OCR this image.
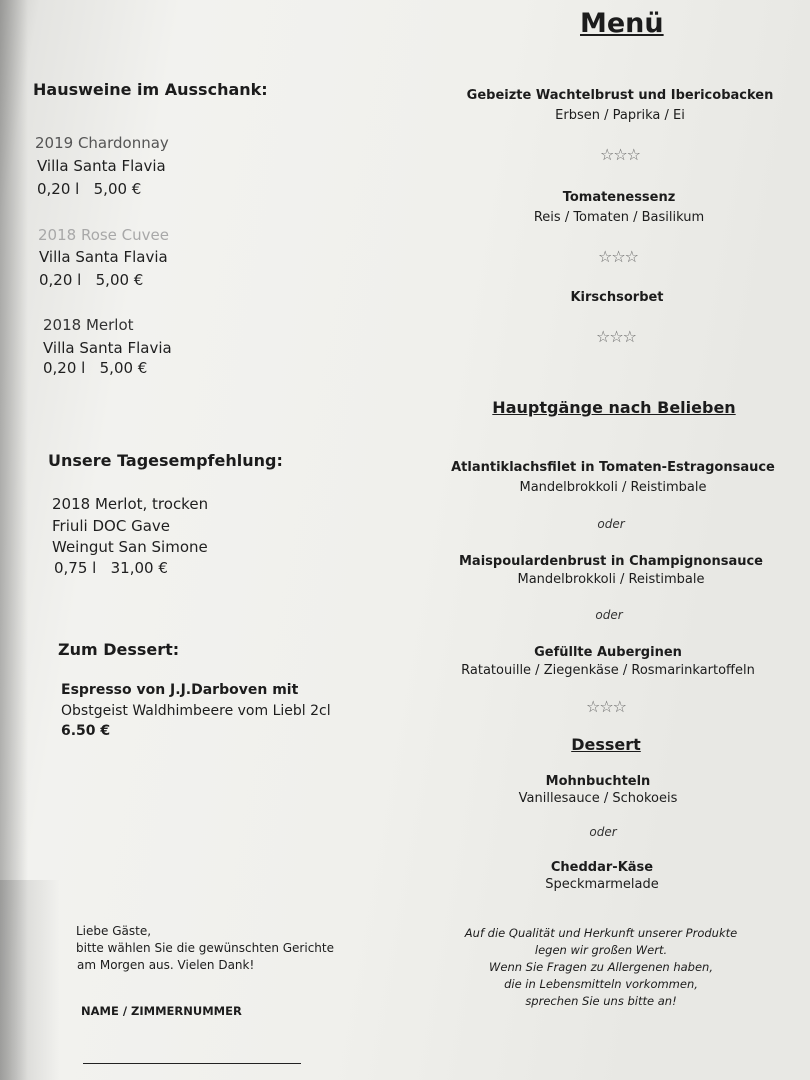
Menü
Hausweine im Ausschank:
2019 Chardonnay
Villa Santa Flavia
0,20 l   5,00 €
2018 Rose Cuvee
Villa Santa Flavia
0,20 l   5,00 €
2018 Merlot
Villa Santa Flavia
0,20 l   5,00 €
Unsere Tagesempfehlung:
2018 Merlot, trocken
Friuli DOC Gave
Weingut San Simone
0,75 l   31,00 €
Zum Dessert:
Espresso von J.J.Darboven mit
Obstgeist Waldhimbeere vom Liebl 2cl
6.50 €
Liebe Gäste,
bitte wählen Sie die gewünschten Gerichte
am Morgen aus. Vielen Dank!
NAME / ZIMMERNUMMER
Gebeizte Wachtelbrust und Ibericobacken
Erbsen / Paprika / Ei
☆☆☆
Tomatenessenz
Reis / Tomaten / Basilikum
☆☆☆
Kirschsorbet
☆☆☆
Hauptgänge nach Belieben
Atlantiklachsfilet in Tomaten-Estragonsauce
Mandelbrokkoli / Reistimbale
oder
Maispoulardenbrust in Champignonsauce
Mandelbrokkoli / Reistimbale
oder
Gefüllte Auberginen
Ratatouille / Ziegenkäse / Rosmarinkartoffeln
☆☆☆
Dessert
Mohnbuchteln
Vanillesauce / Schokoeis
oder
Cheddar-Käse
Speckmarmelade
Auf die Qualität und Herkunft unserer Produkte
legen wir großen Wert.
Wenn Sie Fragen zu Allergenen haben,
die in Lebensmitteln vorkommen,
sprechen Sie uns bitte an!
